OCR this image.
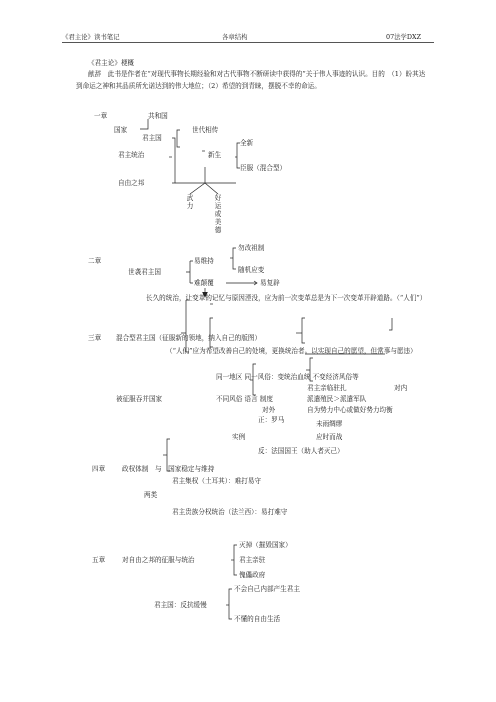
《君主论》读书笔记	各章结构	07法学DXZ
《君主论》梗概
献辞　此书是作者在“对现代事物长期经验和对古代事物不断研读中获得的”关于伟人事迹的认识。目的　（1）盼其达到命运之神和其品质所允诺达到的伟大地位；（2）希望的到青睐，摆脱不幸的命运。
一章	共和国
国家	世代相传
君主国
全新
君主统治	新生
臣服（混合型）
自由之邦
武力
好运或美德
二章
勿改祖制
易维持
世袭君主国	随机应变
难颠覆	易复辟
长久的统治，让变革的记忆与原因湮没，应为前一次变革总是为下一次变革开辟道路。（“人们”）
三章 混合型君主国（征服新的领地，纳入自己的版图）
（“人们”应为希望改善自己的处境，更换统治者。以实现自己的愿望，但常事与愿违）
同一地区 同一风俗：变统治血统 不变经济风俗等
君主亲临驻扎	对内
被征服吞并国家	不同风俗 语言 制度	派遣殖民＞派遣军队
对外	自为势力中心或做好势力均衡
正：罗马	未雨绸缪
实例	应时而战
反：法国国王（助人者灭己）
四章	政权体制　与　国家稳定与维持
君主集权（土耳其）：难打易守
两类
君主贵族分权统治（法兰西）：易打难守
灭掉（摧毁国家）
五章	对自由之邦的征服与统治	君主亲驻
傀儡政府
不会自己内部产生君主
君主国：反抗缓慢
不懂的自由生活
